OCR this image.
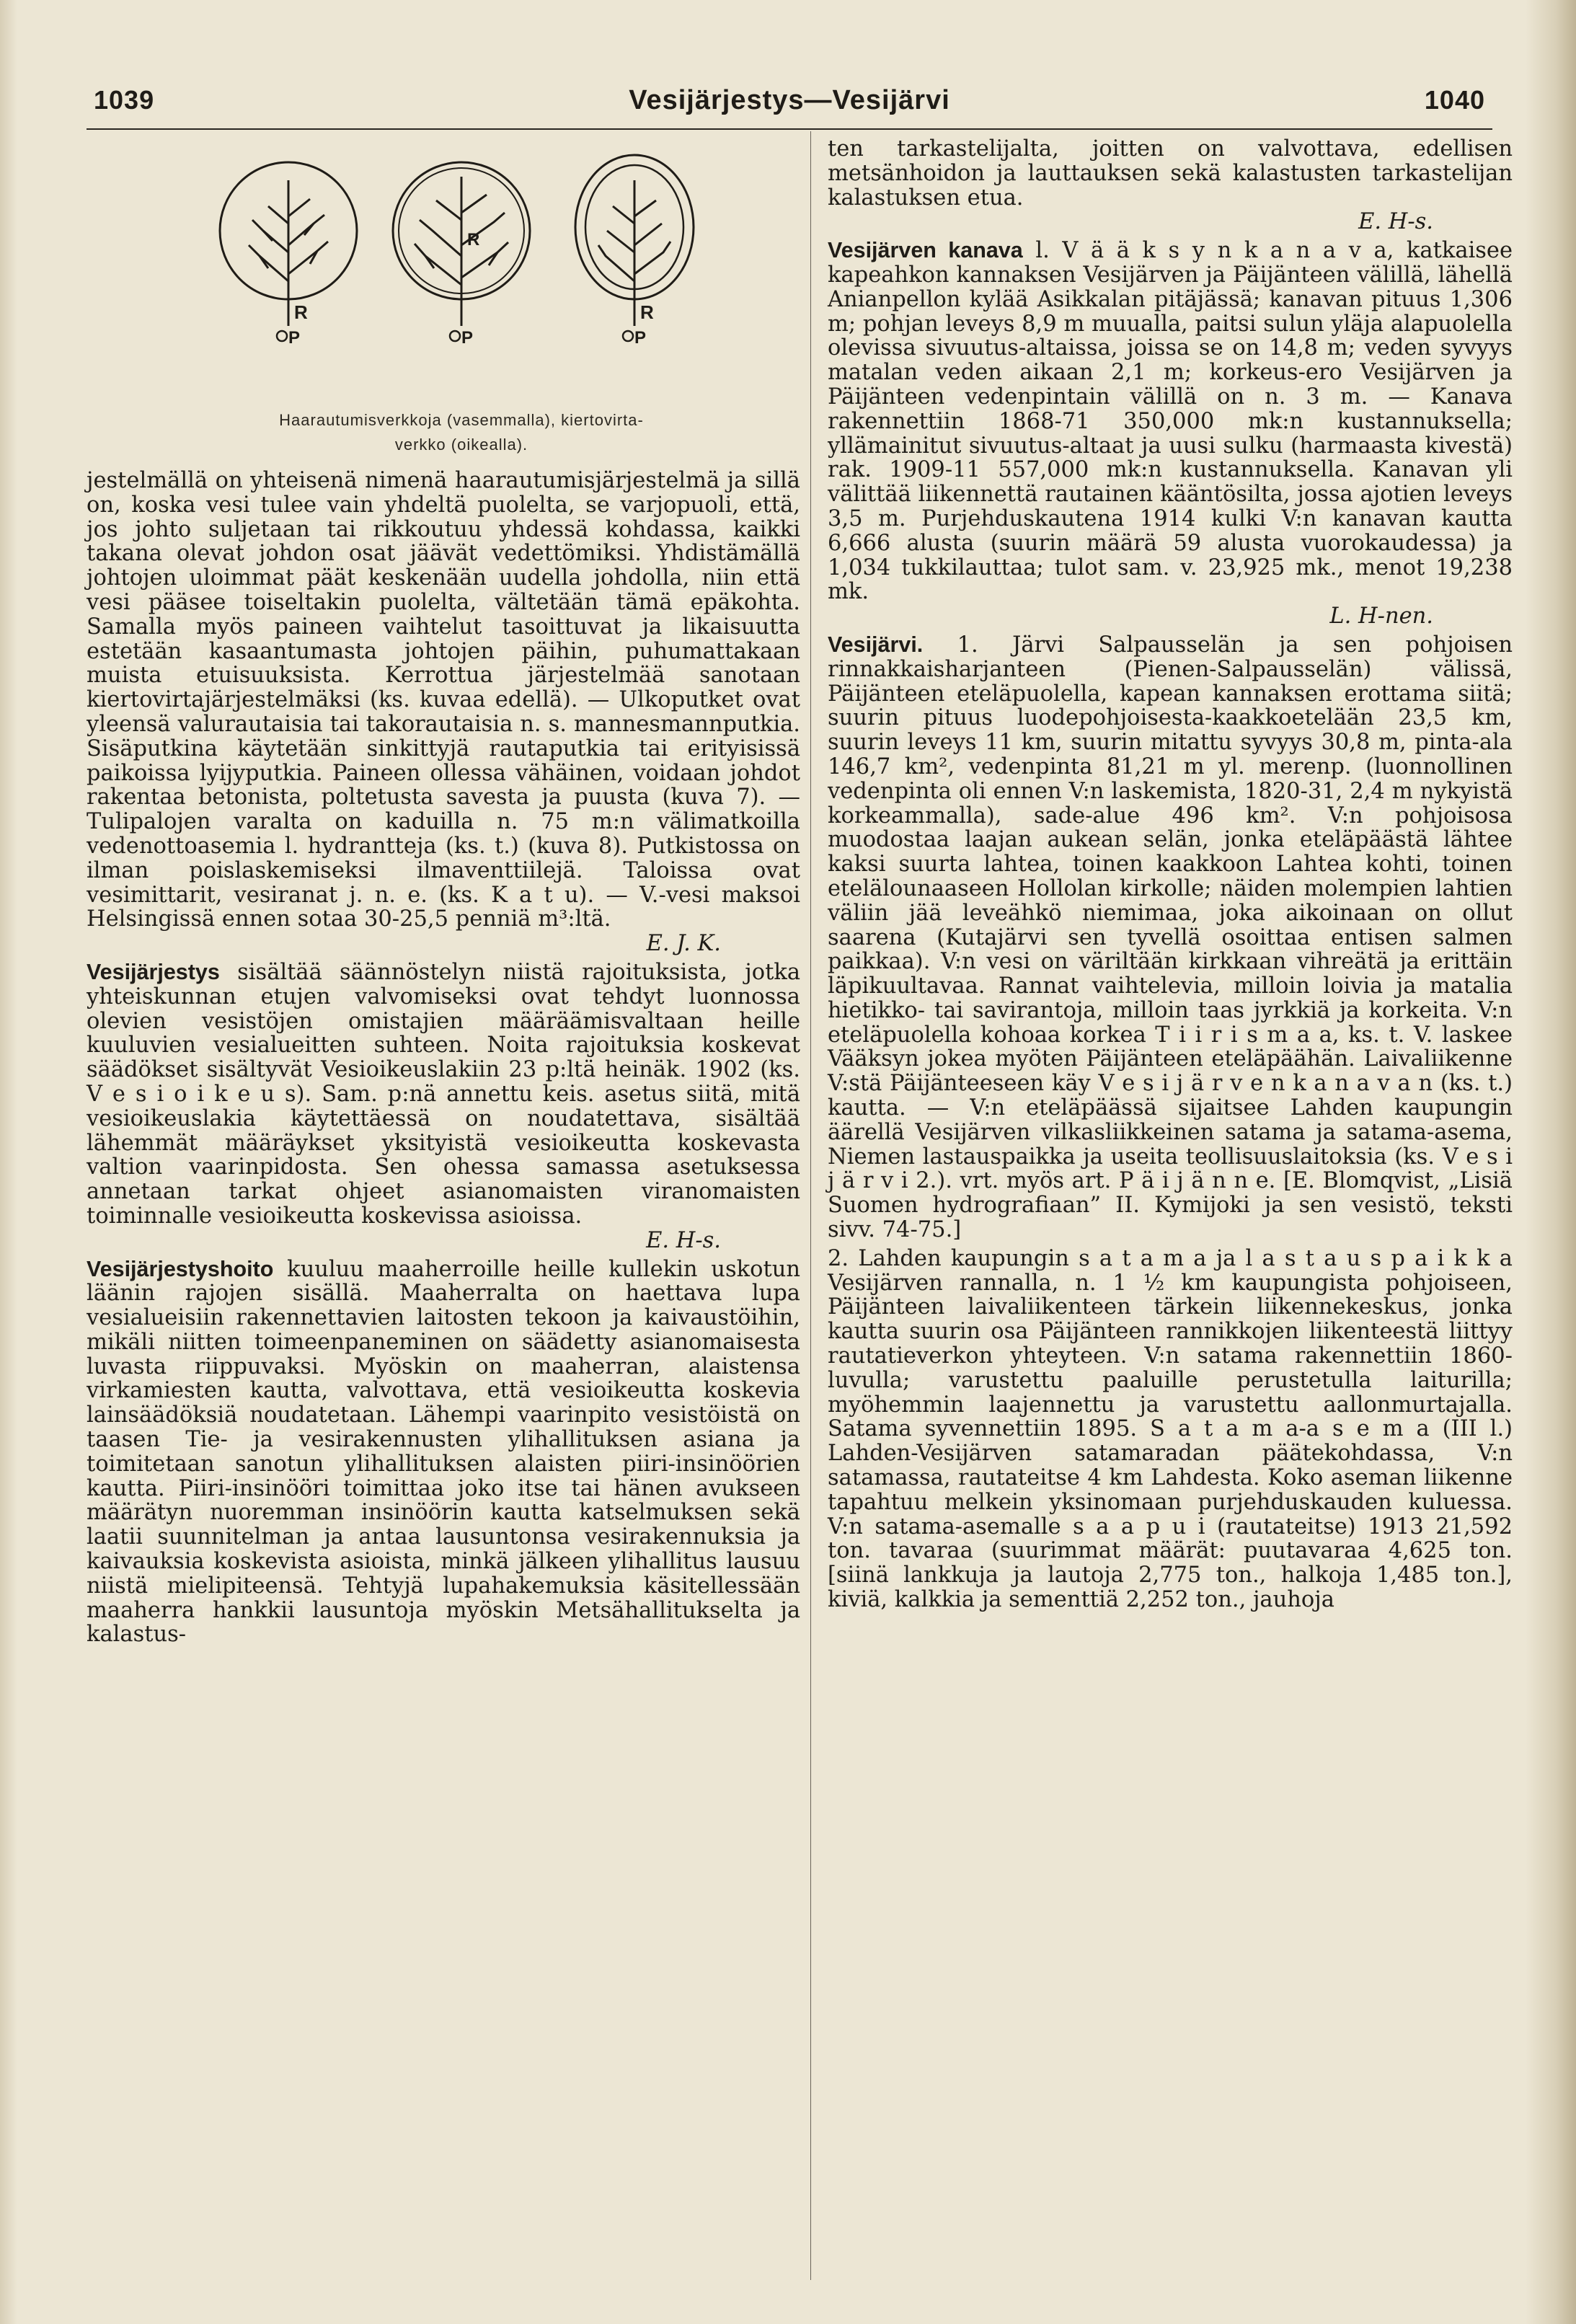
1039	Vesijärjestys—Vesijärvi	1040
R
P
R
P
R
P
Haarautumisverkkoja (vasemmalla), kiertovirta-
verkko (oikealla).

jestelmällä on yhteisenä nimenä haarautumisjärjestelmä ja sillä on, koska vesi tulee vain yhdeltä puolelta, se varjopuoli, että, jos johto suljetaan tai rikkoutuu yhdessä kohdassa, kaikki takana olevat johdon osat jäävät vedettömiksi. Yhdistämällä johtojen uloimmat päät keskenään uudella johdolla, niin että vesi pääsee toiseltakin puolelta, vältetään tämä epäkohta. Samalla myös paineen vaihtelut tasoittuvat ja likaisuutta estetään kasaantumasta johtojen päihin, puhumattakaan muista etuisuuksista. Kerrottua järjestelmää sanotaan kiertovirtajärjestelmäksi (ks. kuvaa edellä). — Ulkoputket ovat yleensä valurautaisia tai takorautaisia n. s. mannesmannputkia. Sisäputkina käytetään sinkittyjä rautaputkia tai erityisissä paikoissa lyijyputkia. Paineen ollessa vähäinen, voidaan johdot rakentaa betonista, poltetusta savesta ja puusta (kuva 7). — Tulipalojen varalta on kaduilla n. 75 m:n välimatkoilla vedenottoasemia l. hydrantteja (ks. t.) (kuva 8). Putkistossa on ilman poislaskemiseksi ilmaventtiilejä. Taloissa ovat vesimittarit, vesiranat j. n. e. (ks. K a t u). — V.-vesi maksoi Helsingissä ennen sotaa 30-25,5 penniä m³:ltä.

E. J. K.

Vesijärjestys sisältää säännöstelyn niistä rajoituksista, jotka yhteiskunnan etujen valvomiseksi ovat tehdyt luonnossa olevien vesistöjen omistajien määräämisvaltaan heille kuuluvien vesialueitten suhteen. Noita rajoituksia koskevat säädökset sisältyvät Vesioikeuslakiin 23 p:ltä heinäk. 1902 (ks. V e s i o i k e u s). Sam. p:nä annettu keis. asetus siitä, mitä vesioikeuslakia käytettäessä on noudatettava, sisältää lähemmät määräykset yksityistä vesioikeutta koskevasta valtion vaarinpidosta. Sen ohessa samassa asetuksessa annetaan tarkat ohjeet asianomaisten viranomaisten toiminnalle vesioikeutta koskevissa asioissa.

E. H-s.

Vesijärjestyshoito kuuluu maaherroille heille kullekin uskotun läänin rajojen sisällä. Maaherralta on haettava lupa vesialueisiin rakennettavien laitosten tekoon ja kaivaustöihin, mikäli niitten toimeenpaneminen on säädetty asianomaisesta luvasta riippuvaksi. Myöskin on maaherran, alaistensa virkamiesten kautta, valvottava, että vesioikeutta koskevia lainsäädöksiä noudatetaan. Lähempi vaarinpito vesistöistä on taasen Tie- ja vesirakennusten ylihallituksen asiana ja toimitetaan sanotun ylihallituksen alaisten piiri-insinöörien kautta. Piiri-insinööri toimittaa joko itse tai hänen avukseen määrätyn nuoremman insinöörin kautta katselmuksen sekä laatii suunnitelman ja antaa lausuntonsa vesirakennuksia ja kaivauksia koskevista asioista, minkä jälkeen ylihallitus lausuu niistä mielipiteensä. Tehtyjä lupahakemuksia käsitellessään maaherra hankkii lausuntoja myöskin Metsähallitukselta ja kalastus-

ten tarkastelijalta, joitten on valvottava, edellisen metsänhoidon ja lauttauksen sekä kalastusten tarkastelijan kalastuksen etua.

E. H-s.

Vesijärven kanava l. V ä ä k s y n k a n a v a, katkaisee kapeahkon kannaksen Vesijärven ja Päijänteen välillä, lähellä Anianpellon kylää Asikkalan pitäjässä; kanavan pituus 1,306 m; pohjan leveys 8,9 m muualla, paitsi sulun yläja alapuolella olevissa sivuutus-altaissa, joissa se on 14,8 m; veden syvyys matalan veden aikaan 2,1 m; korkeus-ero Vesijärven ja Päijänteen vedenpintain välillä on n. 3 m. — Kanava rakennettiin 1868-71 350,000 mk:n kustannuksella; yllämainitut sivuutus-altaat ja uusi sulku (harmaasta kivestä) rak. 1909-11 557,000 mk:n kustannuksella. Kanavan yli välittää liikennettä rautainen kääntösilta, jossa ajotien leveys 3,5 m. Purjehduskautena 1914 kulki V:n kanavan kautta 6,666 alusta (suurin määrä 59 alusta vuorokaudessa) ja 1,034 tukkilauttaa; tulot sam. v. 23,925 mk., menot 19,238 mk.

L. H-nen.

Vesijärvi. 1. Järvi Salpausselän ja sen pohjoisen rinnakkaisharjanteen (Pienen-Salpausselän) välissä, Päijänteen eteläpuolella, kapean kannaksen erottama siitä; suurin pituus luodepohjoisesta-kaakkoetelään 23,5 km, suurin leveys 11 km, suurin mitattu syvyys 30,8 m, pinta-ala 146,7 km², vedenpinta 81,21 m yl. merenp. (luonnollinen vedenpinta oli ennen V:n laskemista, 1820-31, 2,4 m nykyistä korkeammalla), sade-alue 496 km². V:n pohjoisosa muodostaa laajan aukean selän, jonka eteläpäästä lähtee kaksi suurta lahtea, toinen kaakkoon Lahtea kohti, toinen etelälounaaseen Hollolan kirkolle; näiden molempien lahtien väliin jää leveähkö niemimaa, joka aikoinaan on ollut saarena (Kutajärvi sen tyvellä osoittaa entisen salmen paikkaa). V:n vesi on väriltään kirkkaan vihreätä ja erittäin läpikuultavaa. Rannat vaihtelevia, milloin loivia ja matalia hietikko- tai savirantoja, milloin taas jyrkkiä ja korkeita. V:n eteläpuolella kohoaa korkea T i i r i s m a a, ks. t. V. laskee Vääksyn jokea myöten Päijänteen eteläpäähän. Laivaliikenne V:stä Päijänteeseen käy V e s i j ä r v e n k a n a v a n (ks. t.) kautta. — V:n eteläpäässä sijaitsee Lahden kaupungin äärellä Vesijärven vilkasliikkeinen satama ja satama-asema, Niemen lastauspaikka ja useita teollisuuslaitoksia (ks. V e s i j ä r v i 2.). vrt. myös art. P ä i j ä n n e. [E. Blomqvist, „Lisiä Suomen hydrografiaan” II. Kymijoki ja sen vesistö, teksti sivv. 74-75.]

2. Lahden kaupungin s a t a m a ja l a s t a u s p a i k k a Vesijärven rannalla, n. 1 ½ km kaupungista pohjoiseen, Päijänteen laivaliikenteen tärkein liikennekeskus, jonka kautta suurin osa Päijänteen rannikkojen liikenteestä liittyy rautatieverkon yhteyteen. V:n satama rakennettiin 1860-luvulla; varustettu paaluille perustetulla laiturilla; myöhemmin laajennettu ja varustettu aallonmurtajalla. Satama syvennettiin 1895. S a t a m a-a s e m a (III l.) Lahden-Vesijärven satamaradan päätekohdassa, V:n satamassa, rautateitse 4 km Lahdesta. Koko aseman liikenne tapahtuu melkein yksinomaan purjehduskauden kuluessa. V:n satama-asemalle s a a p u i (rautateitse) 1913 21,592 ton. tavaraa (suurimmat määrät: puutavaraa 4,625 ton. [siinä lankkuja ja lautoja 2,775 ton., halkoja 1,485 ton.], kiviä, kalkkia ja sementtiä 2,252 ton., jauhoja
